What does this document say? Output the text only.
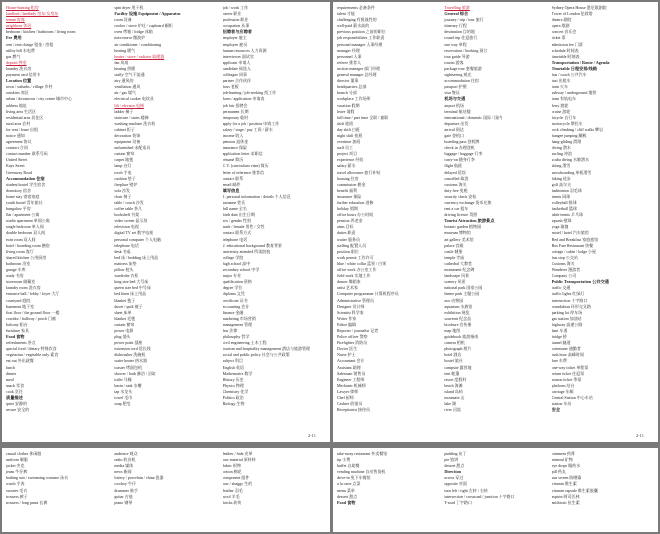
House-hunting 租房
landlord / landlady 房东/女房东
tenant 房客
neighbour 邻居
bedroom / kitchen / bathroom / living room
Fee 费用
rent / rent charge 租金 / 房租
utility bill 水电费
gas 燃气
deposit 押金
laundry 洗衣房
payment card 信用卡
Location 位置
town / suburbs / village 乡村
outskirts 郊区
urban / downtown / city centre 城市中心
address 地址
living area 生活区
residential area 居住区
rural area 农村
for rent / lease 出租
notice 通知
agreement 协议
contract 合同
contact number 联系号码
United Street
Kays Street
Greenway Road
Accommodation 住宿
student hostel 学生宿舍
dormitory 宿舍
home stay 寄宿家庭
youth hostel 青年旅社
bungalow 平房
flat / apartment 公寓
studio apartment 单间公寓
single bedroom 单人间
double bedroom 双人间
twin room 双人间
hotel / boarding room 膳宿
living room 客厅
shared kitchen 公用厨房
bathroom 浴室
garage 车库
study 书房
storeroom 储藏室
laundry room 洗衣房
entrance hall / lobby / foyer 大厅
courtyard 庭院
basement 地下室
first floor / the ground floor 一楼
corridor / hallway / porch 门廊
balcony 阳台
furniture 家具
Food 食物
refreshments 茶点
special food / dietary 特殊饮食
vegetarian / vegetable only 素食
eat out 外出就餐
lunch
dinner
meal
snack 零食
cook 烹饪
质量描述
quiet 安静的
secure 安全的
spin dryer 甩干机
Facility 设施 Equipment / Apparatus
room 设备
cooker / stove 炉灶 / cupboard 橱柜
oven 烤箱 / fridge 冰箱
microwave 微波炉
air conditioner / conditioning
heating 暖气
heater / stove / radiator 取暖器
fan 风扇
heating 供暖
stuffy 空气不流通
airy 通风的
ventilation 通风
air / gas 煤气
electrical cooker 电炊具
lift / elevator 电梯
ladder 梯子
staircase / stairs 楼梯
washing machine 洗衣机
cabinet 柜子
decoration 装饰
equipment 设备
unfurnished 未配家具
curtain 窗帘
carpet 地毯
lamp 台灯
torch 手电
cushion 垫子
fireplace 壁炉
sofa 沙发
chair 椅子
table / couch 沙发
coffee table 茶几
bookshelf 书架
video screen 显示屏
television 电视
digital TV set 数字电视
personal computer 个人电脑
telephone 电话
desk 书桌
bed 床 / bedding 床上用品
mattress 床垫
pillow 枕头
wardrobe 衣柜
king size bed 大号床
queen size bed 中号床
bed linen 床上用品
blanket 毯子
duvet / quilt 被子
sheet 床单
blanket 毛毯
curtain 窗帘
power 电源
plug 插头
power point 插座
extension cord 延长线
dishwasher 洗碗机
water heater 热水器
toaster 烤面包机
shower / bath 淋浴 / 浴缸
toilet 马桶
basin / sink 水槽
tap 水龙头
towel 毛巾
soap 肥皂
job / work 工作
career 职业
profession 职业
occupation 从事
招聘者与应聘者
employer 雇主
employee 雇员
human resources 人力资源
interviewer 面试官
applicant 申请人
candidate 候选人
colleague 同事
partner 合作伙伴
boss 老板
job-hunting / job-seeking 找工作
form / application 申请表
job fair 招聘会
permanent 长期
temporary 临时
apply for a job / position 申请工作
salary / wage / pay 工资 / 薪水
income 收入
pension 退休金
insurance 保险
application letter 求职信
résumé 简历
C.V. (curriculum vitae) 简历
letter of reference 推荐信
contact 联系
email 邮件
填写信息
1. personal information / details 个人信息
surname 姓氏
full name 全名
birth date 出生日期
sex / gender 性别
male / female 男性 / 女性
contact 联系方式
telephone 电话
2. educational background 教育背景
university attended 所读院校
college 学院
high school 高中
secondary school 中学
major 专业
qualification 资格
degree 学位
diploma 文凭
certificate 证书
accounting 会计
finance 金融
marketing 市场营销
management 管理
law 法律
philosophy 哲学
civil engineering 土木工程
tourism and hospitality management 酒店与旅游管理
social and public policy 社会与公共政策
subject 科目
English 英语
Mathematics 数学
History 历史
Physics 物理
Chemistry 化学
Politics 政治
Biology 生物
2-11
requirements 必备条件
talent 才能
challenging 有挑战性的
well-paid 薪水高的
previous position 之前的职位
job responsibilities 工作职责
personal manager 人事经理
manager 经理
personnel 人事
referee 推荐人
section manager 部门经理
general manager 总经理
director 董事
headquarters 总部
branch 分部
workplace 工作场所
vacation 假期
leave 请假
full time / part time 全职 / 兼职
shift 轮班
day shift 白班
night shift 夜班
overtime 加班
staff 员工
project 项目
experience 经验
salary 薪水
travel allowance 旅行补贴
housing 住房
commission 佣金
benefit 福利
insurance 保险
further education 进修
holiday 假期
office hours 办公时间
pension 养老金
aims 目标
duties 职责
waiter 服务员
staffing 配置人员
position 职位
work permit 工作许可
blue / white collar 蓝领 / 白领
office work 办公室工作
field work 实地工作
dancer 舞蹈家
artist 艺术家
Computer programmer 计算机程序员
Administrative 管理员
Designer 设计师
Scientist 科学家
Writer 作家
Editor 编辑
Reporter / journalist 记者
Police officer 警察
Firefighter 消防员
Doctor 医生
Nurse 护士
Accountant 会计
Assistant 助理
Salesman 销售员
Engineer 工程师
Mechanic 机械师
Lawyer 律师
Chef 厨师
Cashier 收银员
Receptionist 接待员
Travelling 旅游
General 综合
journey / trip / tour 旅行
itinerary 行程
destination 目的地
round trip 往返旅行
one way 单程
reservation / booking 预订
tour guide 导游
tourist 游客
package tour 套餐旅游
sightseeing 观光
accommodation 住宿
passport 护照
visa 签证
机场与交通
airport 机场
terminal 航站楼
international / domestic 国际 / 国内
departure 出发
arrival 到达
gate 登机口
boarding pass 登机牌
check in 办理登机
luggage / baggage 行李
carry-on 随身行李
flight 航班
delayed 延误
cancelled 取消
customs 海关
duty free 免税
security check 安检
currency exchange 货币兑换
rent a car 租车
driving licence 驾照
Tourist Attraction 旅游景点
botanic garden 植物园
museum 博物馆
art gallery 美术馆
palace 宫殿
castle 城堡
temple 寺庙
cathedral 大教堂
monument 纪念碑
landscape 风景
scenery 风景
national park 国家公园
theme park 主题公园
zoo 动物园
aquarium 水族馆
exhibition 展览
souvenir 纪念品
brochure 宣传册
map 地图
guidebook 旅游指南
camera 相机
photograph 照片
hotel 酒店
hostel 旅社
campsite 露营地
tent 帐篷
resort 度假村
beach 海滩
island 岛屿
mountain 山
lake 湖
river 河流
Sydney Opera House 悉尼歌剧院
Tower of London 伦敦塔
theatre 剧院
opera 歌剧
concert 音乐会
ticket 票
admission fee 门票
schedule 时间表
timetable 时刻表
Transportation / Route / Agenda
Timetable 日程安排/线路
bus / coach 公共汽车
taxi 出租车
train 火车
subway / underground 地铁
tram 有轨电车
ferry 渡轮
cruise 游轮
bicycle 自行车
motorcycle 摩托车
rock climbing / cliff walks 攀岩
bungee jumping 蹦极
hang-gliding 滑翔
diving 潜水
surfing 冲浪
scuba diving 水肺潜水
skiing 滑雪
snowboarding 单板滑雪
hiking 徒步
golf 高尔夫
badminton 羽毛球
tennis 网球
volleyball 排球
basketball 篮球
table tennis 乒乓球
squash 壁球
yoga 瑜伽
motel / hotel 汽车旅馆
Bed and Breakfast 家庭旅馆
Bus Fare Restaurant 快餐
cottage / cabin / lodge 小屋
bus stop 公交站
Customs 海关
Wanderer 漫游者
Company 公司
Public Transportation 公共交通
traffic 交通
traffic lights 红绿灯
intersection 十字路口
roundabout 环形交叉路
parking lot 停车场
gas station 加油站
highway 高速公路
lane 车道
bridge 桥
tunnel 隧道
commuter 通勤者
rush hour 高峰时间
fare 车费
one-way ticket 单程票
return ticket 往返票
season ticket 季票
platform 站台
carriage 车厢
Central Station 中心车站
station 车站
安全
2-11
casual clothes 休闲服
uniform 制服
jacket 夹克
jeans 牛仔裤
bathing suit / swimming costume 泳衣
watch 手表
sweater 毛衣
trousers 裤子
trousers / long pants 长裤
audience 观众
radio 收音机
media 媒体
news 新闻
lottery / porcelain / china 瓷器
cowboy 牛仔
drummer 鼓手
guitar 吉他
piano 钢琴
leather / hide 皮革
raw material 原材料
fabric 织物
cotton 棉花
component 组件
raw / shaggy 生的
feather 羽毛
wool 羊毛
bricks 砖块
take-away restaurant 外卖餐馆
tip 小费
buffet 自助餐
vending machine 自动售货机
drive-in 免下车餐馆
a la carte 点菜
menu 菜单
dessert 甜点
Food 食物
pudding 布丁
pie 馅饼
dessert 甜点
Direction
across 穿过
opposite 对面
turn left / right 左转 / 右转
intersection / crossroad / junction 十字路口
T-road 丁字路口
ointment 药膏
mineral 矿物
eye drops 眼药水
pill 药丸
sun screen 防晒霜
vitamin 维生素
vitamin capsule 维生素胶囊
aspirin 阿司匹林
antibiotic 抗生素
